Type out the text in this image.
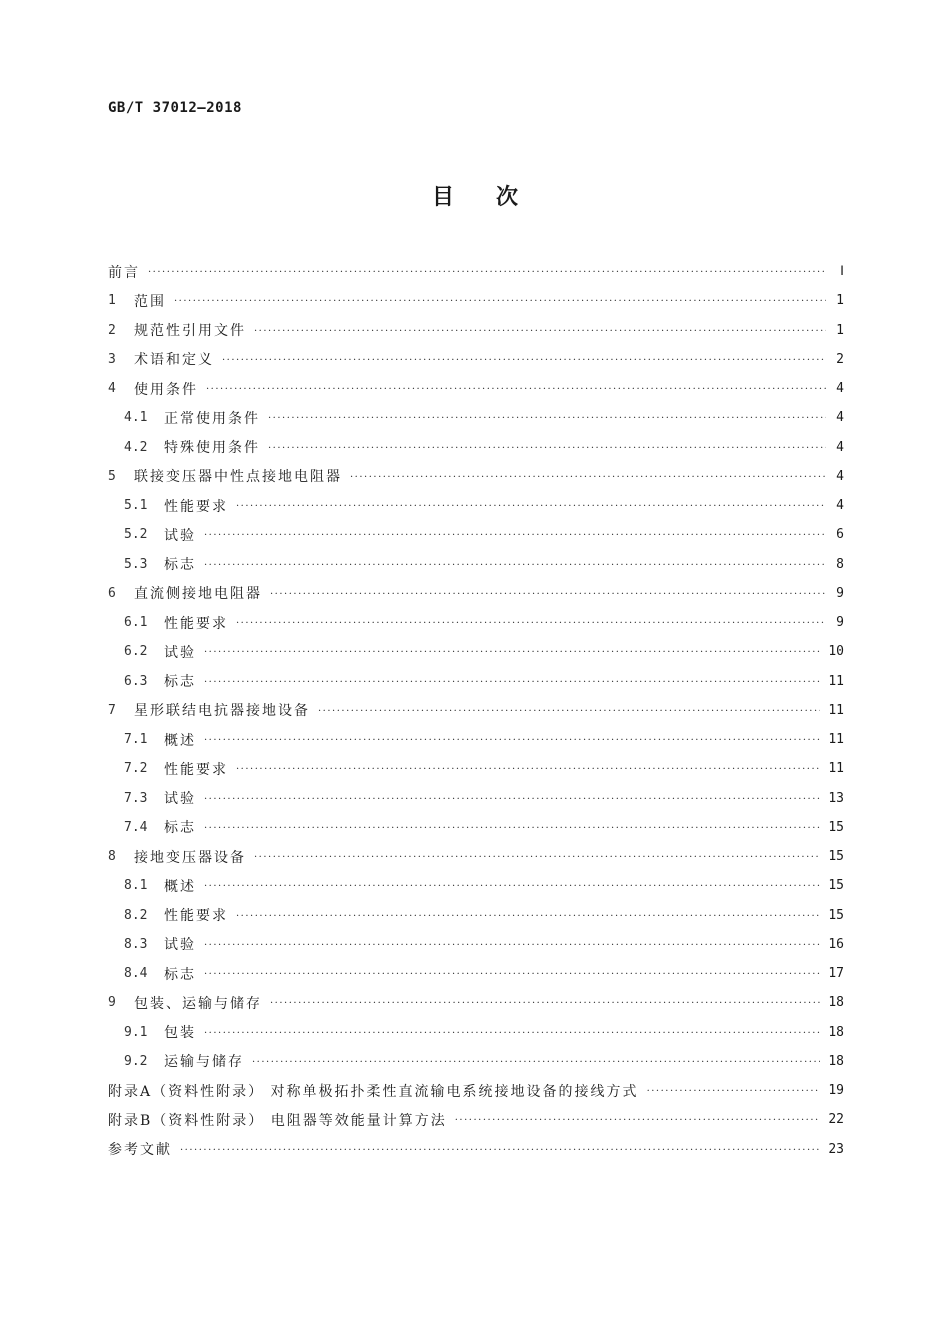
GB/T 37012—2018
目次
前言 ·····	Ⅰ
1	范围 ·····	1
2	规范性引用文件 ·····	1
3	术语和定义 ·····	2
4	使用条件 ·····	4
4.1	正常使用条件 ·····	4
4.2	特殊使用条件 ·····	4
5	联接变压器中性点接地电阻器 ·····	4
5.1	性能要求 ·····	4
5.2	试验 ·····	6
5.3	标志 ·····	8
6	直流侧接地电阻器 ·····	9
6.1	性能要求 ·····	9
6.2	试验 ·····	10
6.3	标志 ·····	11
7	星形联结电抗器接地设备 ·····	11
7.1	概述 ·····	11
7.2	性能要求 ·····	11
7.3	试验 ·····	13
7.4	标志 ·····	15
8	接地变压器设备 ·····	15
8.1	概述 ·····	15
8.2	性能要求 ·····	15
8.3	试验 ·····	16
8.4	标志 ·····	17
9	包装、运输与储存 ·····	18
9.1	包装 ·····	18
9.2	运输与储存 ·····	18
附录A（资料性附录） 对称单极拓扑柔性直流输电系统接地设备的接线方式 ·····	19
附录B（资料性附录） 电阻器等效能量计算方法 ·····	22
参考文献 ·····	23
